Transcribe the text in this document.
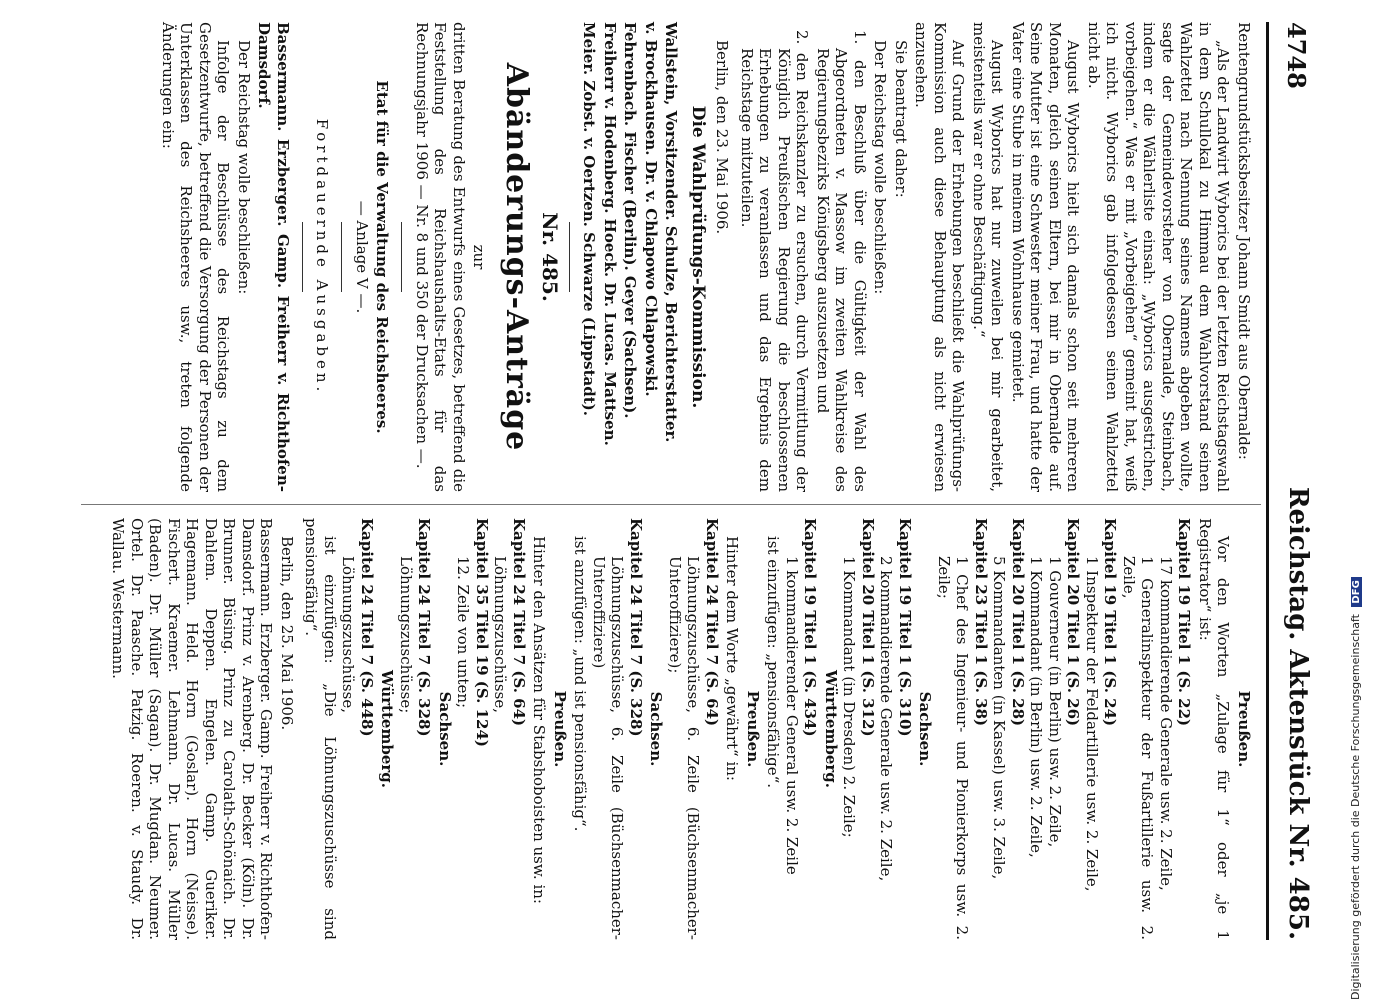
4748
Reichstag. Aktenstück Nr. 485.

Rentengrundstücksbesitzer Johann Smidt aus Obernalde:

„Als der Landwirt Wyborics bei der letzten Reichstagswahl in dem Schullokal zu Himmau dem Wahlvorstand seinen Wahlzettel nach Nennung seines Namens abgeben wollte, sagte der Gemeindevorsteher von Obernalde, Steinbach, indem er die Wählerliste einsah: „Wyborics ausgestrichen, vorbeigehen.“ Was er mit „Vorbeigehen“ gemeint hat, weiß ich nicht. Wyborics gab infolgedessen seinen Wahlzettel nicht ab.

August Wyborics hielt sich damals schon seit mehreren Monaten, gleich seinen Eltern, bei mir in Obernalde auf. Seine Mutter ist eine Schwester meiner Frau, und hatte der Vater eine Stube in meinem Wohnhause gemietet.

August Wyborics hat nur zuweilen bei mir gearbeitet, meistenteils war er ohne Beschäftigung.“

Auf Grund der Erhebungen beschließt die Wahlprüfungs-Kommission auch diese Behauptung als nicht erwiesen anzusehen.

Sie beantragt daher:

Der Reichstag wolle beschließen:

1. den Beschluß über die Gültigkeit der Wahl des Abgeordneten v. Massow im zweiten Wahlkreise des Regierungsbezirks Königsberg auszusetzen und

2. den Reichskanzler zu ersuchen, durch Vermittlung der Königlich Preußischen Regierung die beschlossenen Erhebungen zu veranlassen und das Ergebnis dem Reichstage mitzuteilen.

Berlin, den 23. Mai 1906.

Die Wahlprüfungs-Kommission.

Wallstein, Vorsitzender. Schulze, Berichterstatter.

v. Brockhausen. Dr. v. Chlapowo Chlapowski.

Fehrenbach. Fischer (Berlin). Geyer (Sachsen).

Freiherr v. Hodenberg. Hoeck. Dr. Lucas. Mattsen.

Meier. Zobst. v. Oertzen. Schwarze (Lippstadt).

Nr. 485.

Abänderungs-Anträge

zur

dritten Beratung des Entwurfs eines Gesetzes, betreffend die Feststellung des Reichshaushalts-Etats für das Rechnungsjahr 1906 — Nr. 8 und 350 der Drucksachen —.

Etat für die Verwaltung des Reichsheeres.

— Anlage V —.

Fortdauernde Ausgaben.

Bassermann. Erzberger. Gamp. Freiherr v. Richthofen-Damsdorf.

Der Reichstag wolle beschließen:

Infolge der Beschlüsse des Reichstags zu dem Gesetzentwurfe, betreffend die Versorgung der Personen der Unterklassen des Reichsheeres usw., treten folgende Änderungen ein:

Preußen.

Vor den Worten „Zulage für 1“ oder „je 1 Registrator“ ist:

Kapitel 19 Titel 1 (S. 22)

17 kommandierende Generale usw. 2. Zeile,

1 Generalinspekteur der Fußartillerie usw. 2. Zeile,

Kapitel 19 Titel 1 (S. 24)

1 Inspekteur der Feldartillerie usw. 2. Zeile,

Kapitel 20 Titel 1 (S. 26)

1 Gouverneur (in Berlin) usw. 2. Zeile,

1 Kommandant (in Berlin) usw. 2. Zeile,

Kapitel 20 Titel 1 (S. 28)

5 Kommandanten (in Kassel) usw. 3. Zeile,

Kapitel 23 Titel 1 (S. 38)

1 Chef des Ingenieur- und Pionierkorps usw. 2. Zeile;

Sachsen.

Kapitel 19 Titel 1 (S. 310)

2 kommandierende Generale usw. 2. Zeile,

Kapitel 20 Titel 1 (S. 312)

1 Kommandant (in Dresden) 2. Zeile;

Württemberg.

Kapitel 19 Titel 1 (S. 434)

1 kommandierender General usw. 2. Zeile

ist einzufügen: „pensionsfähige“.

Preußen.

Hinter dem Worte „gewährt“ in:

Kapitel 24 Titel 7 (S. 64)

Löhnungszuschüsse, 6. Zeile (Büchsenmacher-Unteroffiziere);

Sachsen.

Kapitel 24 Titel 7 (S. 328)

Löhnungszuschüsse, 6. Zeile (Büchsenmacher-Unteroffiziere)

ist anzufügen: „und ist pensionsfähig“.

Preußen.

Hinter den Ansätzen für Stabshoboisten usw. in:

Kapitel 24 Titel 7 (S. 64)

Löhnungszuschüsse,

Kapitel 35 Titel 19 (S. 124)

12. Zeile von unten;

Sachsen.

Kapitel 24 Titel 7 (S. 328)

Löhnungszuschüsse;

Württemberg.

Kapitel 24 Titel 7 (S. 448)

Löhnungszuschüsse,

ist einzufügen: „Die Löhnungszuschüsse sind pensionsfähig“.

Berlin, den 25. Mai 1906.

Bassermann. Erzberger. Gamp. Freiherr v. Richthofen-Damsdorf. Prinz v. Arenberg. Dr. Becker (Köln). Dr. Brunner. Büsing. Prinz zu Carolath-Schönaich. Dr. Dahlem. Deppen. Engelen. Gamp. Gueriker. Hagemann. Held. Horn (Goslar). Horn (Neisse). Fischert. Kraemer. Lehmann. Dr. Lucas. Müller (Baden). Dr. Müller (Sagan). Dr. Mugdan. Neumer. Ortel. Dr. Paasche. Patzig. Roeren. v. Staudy. Dr. Wallau. Westermann.

Digitalisierung gefördert durch die Deutsche Forschungsgemeinschaft DFG
